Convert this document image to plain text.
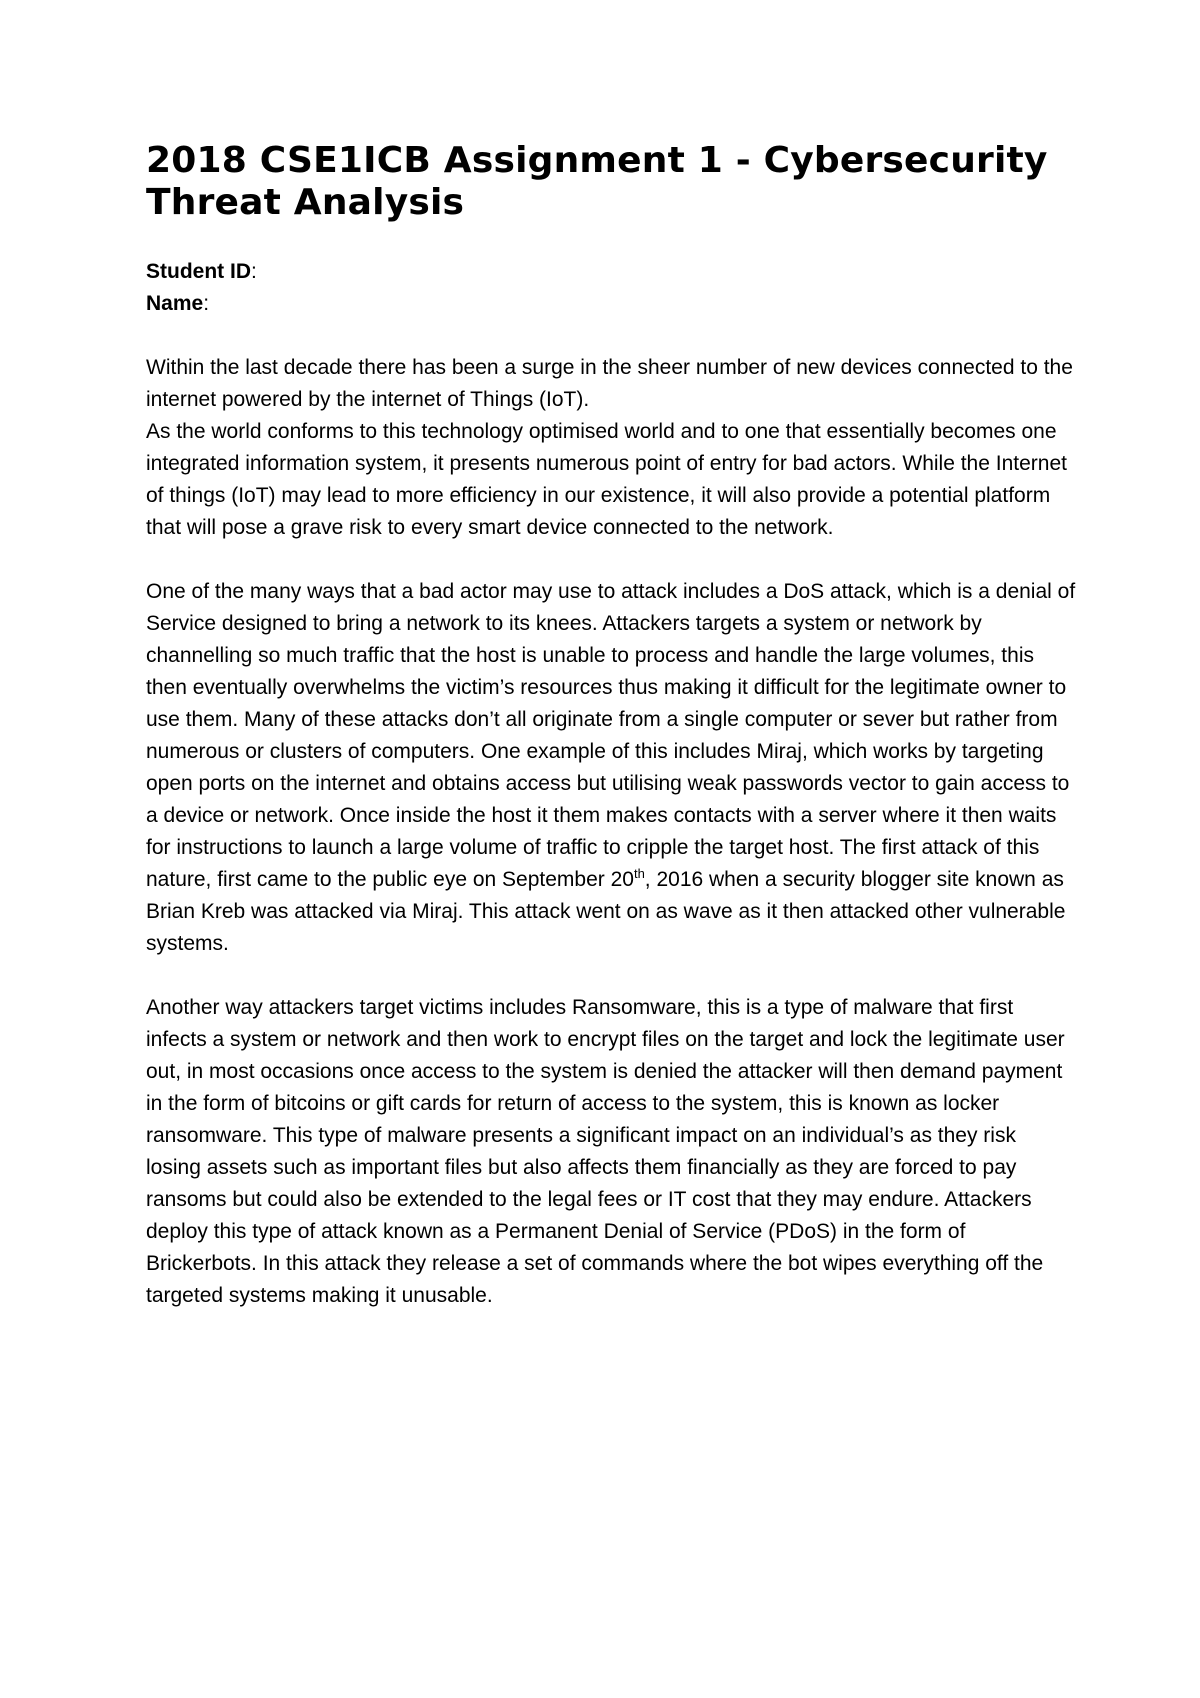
2018 CSE1ICB Assignment 1 - Cybersecurity Threat Analysis

Student ID:

Name:

Within the last decade there has been a surge in the sheer number of new devices connected to the internet powered by the internet of Things (IoT).

As the world conforms to this technology optimised world and to one that essentially becomes one integrated information system, it presents numerous point of entry for bad actors. While the Internet of things (IoT) may lead to more efficiency in our existence, it will also provide a potential platform that will pose a grave risk to every smart device connected to the network.

One of the many ways that a bad actor may use to attack includes a DoS attack, which is a denial of Service designed to bring a network to its knees. Attackers targets a system or network by channelling so much traffic that the host is unable to process and handle the large volumes, this then eventually overwhelms the victim’s resources thus making it difficult for the legitimate owner to use them. Many of these attacks don’t all originate from a single computer or sever but rather from numerous or clusters of computers. One example of this includes Miraj, which works by targeting open ports on the internet and obtains access but utilising weak passwords vector to gain access to a device or network. Once inside the host it them makes contacts with a server where it then waits for instructions to launch a large volume of traffic to cripple the target host. The first attack of this nature, first came to the public eye on September 20th, 2016 when a security blogger site known as Brian Kreb was attacked via Miraj. This attack went on as wave as it then attacked other vulnerable systems.

Another way attackers target victims includes Ransomware, this is a type of malware that first infects a system or network and then work to encrypt files on the target and lock the legitimate user out, in most occasions once access to the system is denied the attacker will then demand payment in the form of bitcoins or gift cards for return of access to the system, this is known as locker ransomware. This type of malware presents a significant impact on an individual’s as they risk losing assets such as important files but also affects them financially as they are forced to pay ransoms but could also be extended to the legal fees or IT cost that they may endure. Attackers deploy this type of attack known as a Permanent Denial of Service (PDoS) in the form of Brickerbots. In this attack they release a set of commands where the bot wipes everything off the targeted systems making it unusable.
